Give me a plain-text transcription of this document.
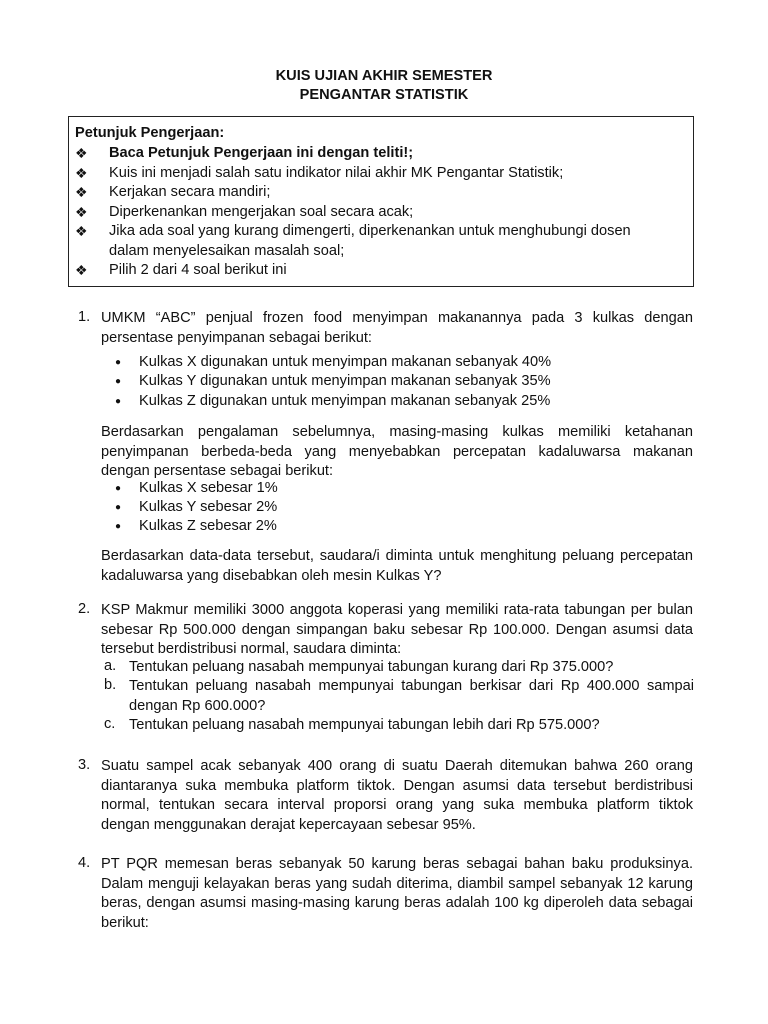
KUIS UJIAN AKHIR SEMESTER
PENGANTAR STATISTIK
Petunjuk Pengerjaan:
❖ Baca Petunjuk Pengerjaan ini dengan teliti!;
❖ Kuis ini menjadi salah satu indikator nilai akhir MK Pengantar Statistik;
❖ Kerjakan secara mandiri;
❖ Diperkenankan mengerjakan soal secara acak;
❖ Jika ada soal yang kurang dimengerti, diperkenankan untuk menghubungi dosen
dalam menyelesaikan masalah soal;
❖ Pilih 2 dari 4 soal berikut ini
1. UMKM “ABC” penjual frozen food menyimpan makanannya pada 3 kulkas dengan persentase penyimpanan sebagai berikut:
● Kulkas X digunakan untuk menyimpan makanan sebanyak 40%
● Kulkas Y digunakan untuk menyimpan makanan sebanyak 35%
● Kulkas Z digunakan untuk menyimpan makanan sebanyak 25%
Berdasarkan pengalaman sebelumnya, masing-masing kulkas memiliki ketahanan penyimpanan berbeda-beda yang menyebabkan percepatan kadaluwarsa makanan dengan persentase sebagai berikut:
● Kulkas X sebesar 1%
● Kulkas Y sebesar 2%
● Kulkas Z sebesar 2%
Berdasarkan data-data tersebut, saudara/i diminta untuk menghitung peluang percepatan kadaluwarsa yang disebabkan oleh mesin Kulkas Y?
2. KSP Makmur memiliki 3000 anggota koperasi yang memiliki rata-rata tabungan per bulan sebesar Rp 500.000 dengan simpangan baku sebesar Rp 100.000. Dengan asumsi data tersebut berdistribusi normal, saudara diminta:
a. Tentukan peluang nasabah mempunyai tabungan kurang dari Rp 375.000?
b. Tentukan peluang nasabah mempunyai tabungan berkisar dari Rp 400.000 sampai dengan Rp 600.000?
c. Tentukan peluang nasabah mempunyai tabungan lebih dari Rp 575.000?
3. Suatu sampel acak sebanyak 400 orang di suatu Daerah ditemukan bahwa 260 orang diantaranya suka membuka platform tiktok. Dengan asumsi data tersebut berdistribusi normal, tentukan secara interval proporsi orang yang suka membuka platform tiktok dengan menggunakan derajat kepercayaan sebesar 95%.
4. PT PQR memesan beras sebanyak 50 karung beras sebagai bahan baku produksinya. Dalam menguji kelayakan beras yang sudah diterima, diambil sampel sebanyak 12 karung beras, dengan asumsi masing-masing karung beras adalah 100 kg diperoleh data sebagai berikut:
